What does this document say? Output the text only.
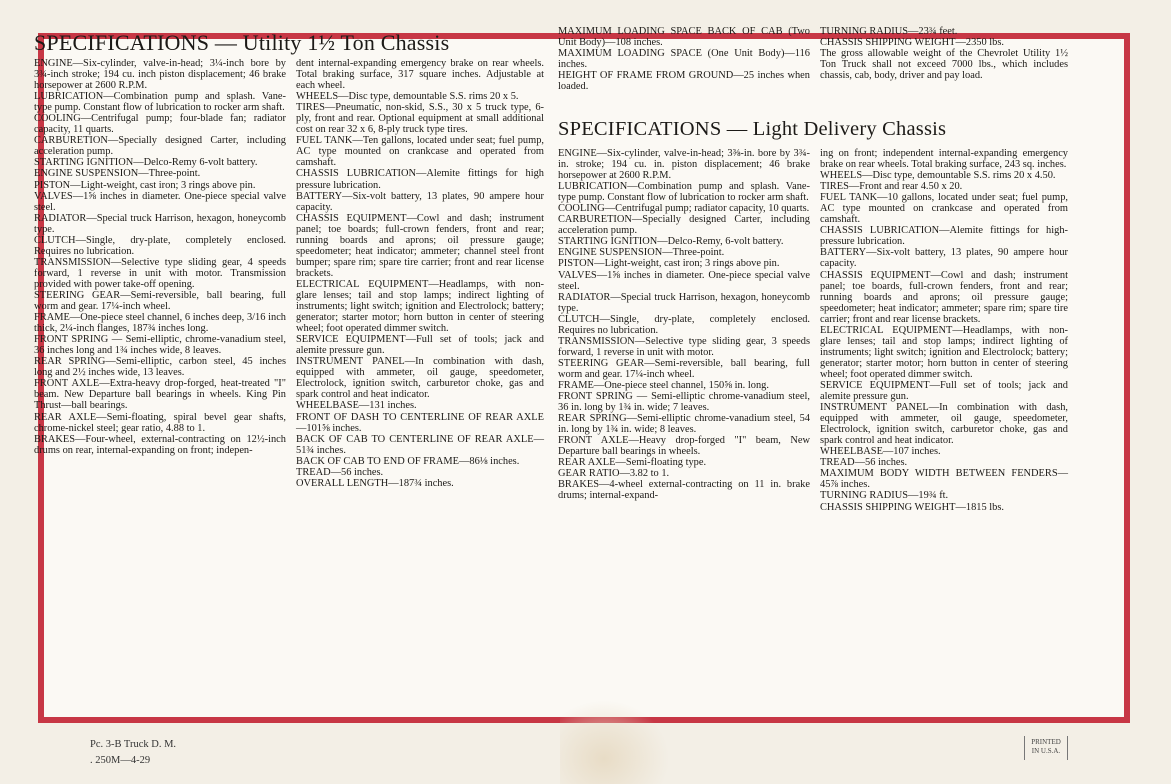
SPECIFICATIONS — Utility 1½ Ton Chassis
SPECIFICATIONS — Light Delivery Chassis

ENGINE—Six-cylinder, valve-in-head; 3¼-inch bore by 3¾-inch stroke; 194 cu. inch piston displacement; 46 brake horsepower at 2600 R.P.M.

LUBRICATION—Combination pump and splash. Vane-type pump. Constant flow of lubrication to rocker arm shaft.

COOLING—Centrifugal pump; four-blade fan; radiator capacity, 11 quarts.

CARBURETION—Specially designed Carter, including acceleration pump.

STARTING IGNITION—Delco-Remy 6-volt battery.

ENGINE SUSPENSION—Three-point.

PISTON—Light-weight, cast iron; 3 rings above pin.

VALVES—1⅝ inches in diameter. One-piece special valve steel.

RADIATOR—Special truck Harrison, hexagon, honeycomb type.

CLUTCH—Single, dry-plate, completely enclosed. Requires no lubrication.

TRANSMISSION—Selective type sliding gear, 4 speeds forward, 1 reverse in unit with motor. Transmission provided with power take-off opening.

STEERING GEAR—Semi-reversible, ball bearing, full worm and gear. 17¼-inch wheel.

FRAME—One-piece steel channel, 6 inches deep, 3/16 inch thick, 2¼-inch flanges, 187¾ inches long.

FRONT SPRING — Semi-elliptic, chrome-vanadium steel, 36 inches long and 1¾ inches wide, 8 leaves.

REAR SPRING—Semi-elliptic, carbon steel, 45 inches long and 2½ inches wide, 13 leaves.

FRONT AXLE—Extra-heavy drop-forged, heat-treated "I" beam. New Departure ball bearings in wheels. King Pin Thrust—ball bearings.

REAR AXLE—Semi-floating, spiral bevel gear shafts, chrome-nickel steel; gear ratio, 4.88 to 1.

BRAKES—Four-wheel, external-contracting on 12½-inch drums on rear, internal-expanding on front; indepen-

dent internal-expanding emergency brake on rear wheels. Total braking surface, 317 square inches. Adjustable at each wheel.

WHEELS—Disc type, demountable S.S. rims 20 x 5.

TIRES—Pneumatic, non-skid, S.S., 30 x 5 truck type, 6-ply, front and rear. Optional equipment at small additional cost on rear 32 x 6, 8-ply truck type tires.

FUEL TANK—Ten gallons, located under seat; fuel pump, AC type mounted on crankcase and operated from camshaft.

CHASSIS LUBRICATION—Alemite fittings for high pressure lubrication.

BATTERY—Six-volt battery, 13 plates, 90 ampere hour capacity.

CHASSIS EQUIPMENT—Cowl and dash; instrument panel; toe boards; full-crown fenders, front and rear; running boards and aprons; oil pressure gauge; speedometer; heat indicator; ammeter; channel steel front bumper; spare rim; spare tire carrier; front and rear license brackets.

ELECTRICAL EQUIPMENT—Headlamps, with non-glare lenses; tail and stop lamps; indirect lighting of instruments; light switch; ignition and Electrolock; battery; generator; starter motor; horn button in center of steering wheel; foot operated dimmer switch.

SERVICE EQUIPMENT—Full set of tools; jack and alemite pressure gun.

INSTRUMENT PANEL—In combination with dash, equipped with ammeter, oil gauge, speedometer, Electrolock, ignition switch, carburetor choke, gas and spark control and heat indicator.

WHEELBASE—131 inches.

FRONT OF DASH TO CENTERLINE OF REAR AXLE—101⅝ inches.

BACK OF CAB TO CENTERLINE OF REAR AXLE—51¾ inches.

BACK OF CAB TO END OF FRAME—86⅛ inches.

TREAD—56 inches.

OVERALL LENGTH—187¾ inches.

MAXIMUM LOADING SPACE BACK OF CAB (Two Unit Body)—108 inches.

MAXIMUM LOADING SPACE (One Unit Body)—116 inches.

HEIGHT OF FRAME FROM GROUND—25 inches when loaded.

TURNING RADIUS—23¾ feet.

CHASSIS SHIPPING WEIGHT—2350 lbs.

The gross allowable weight of the Chevrolet Utility 1½ Ton Truck shall not exceed 7000 lbs., which includes chassis, cab, body, driver and pay load.

ENGINE—Six-cylinder, valve-in-head; 3⅜-in. bore by 3¾-in. stroke; 194 cu. in. piston displacement; 46 brake horsepower at 2600 R.P.M.

LUBRICATION—Combination pump and splash. Vane-type pump. Constant flow of lubrication to rocker arm shaft.

COOLING—Centrifugal pump; radiator capacity, 10 quarts.

CARBURETION—Specially designed Carter, including acceleration pump.

STARTING IGNITION—Delco-Remy, 6-volt battery.

ENGINE SUSPENSION—Three-point.

PISTON—Light-weight, cast iron; 3 rings above pin.

VALVES—1⅝ inches in diameter. One-piece special valve steel.

RADIATOR—Special truck Harrison, hexagon, honeycomb type.

CLUTCH—Single, dry-plate, completely enclosed. Requires no lubrication.

TRANSMISSION—Selective type sliding gear, 3 speeds forward, 1 reverse in unit with motor.

STEERING GEAR—Semi-reversible, ball bearing, full worm and gear. 17¼-inch wheel.

FRAME—One-piece steel channel, 150⅝ in. long.

FRONT SPRING — Semi-elliptic chrome-vanadium steel, 36 in. long by 1¾ in. wide; 7 leaves.

REAR SPRING—Semi-elliptic chrome-vanadium steel, 54 in. long by 1¾ in. wide; 8 leaves.

FRONT AXLE—Heavy drop-forged "I" beam, New Departure ball bearings in wheels.

REAR AXLE—Semi-floating type.

GEAR RATIO—3.82 to 1.

BRAKES—4-wheel external-contracting on 11 in. brake drums; internal-expand-

ing on front; independent internal-expanding emergency brake on rear wheels. Total braking surface, 243 sq. inches.

WHEELS—Disc type, demountable S.S. rims 20 x 4.50.

TIRES—Front and rear 4.50 x 20.

FUEL TANK—10 gallons, located under seat; fuel pump, AC type mounted on crankcase and operated from camshaft.

CHASSIS LUBRICATION—Alemite fittings for high-pressure lubrication.

BATTERY—Six-volt battery, 13 plates, 90 ampere hour capacity.

CHASSIS EQUIPMENT—Cowl and dash; instrument panel; toe boards, full-crown fenders, front and rear; running boards and aprons; oil pressure gauge; speedometer; heat indicator; ammeter; spare rim; spare tire carrier; front and rear license brackets.

ELECTRICAL EQUIPMENT—Headlamps, with non-glare lenses; tail and stop lamps; indirect lighting of instruments; light switch; ignition and Electrolock; battery; generator; starter motor; horn button in center of steering wheel; foot operated dimmer switch.

SERVICE EQUIPMENT—Full set of tools; jack and alemite pressure gun.

INSTRUMENT PANEL—In combination with dash, equipped with ammeter, oil gauge, speedometer, Electrolock, ignition switch, carburetor choke, gas and spark control and heat indicator.

WHEELBASE—107 inches.

TREAD—56 inches.

MAXIMUM BODY WIDTH BETWEEN FENDERS—45⅞ inches.

TURNING RADIUS—19¾ ft.

CHASSIS SHIPPING WEIGHT—1815 lbs.

Pc. 3-B Truck D. M.
. 250M—4-29
PRINTED
IN U.S.A.
